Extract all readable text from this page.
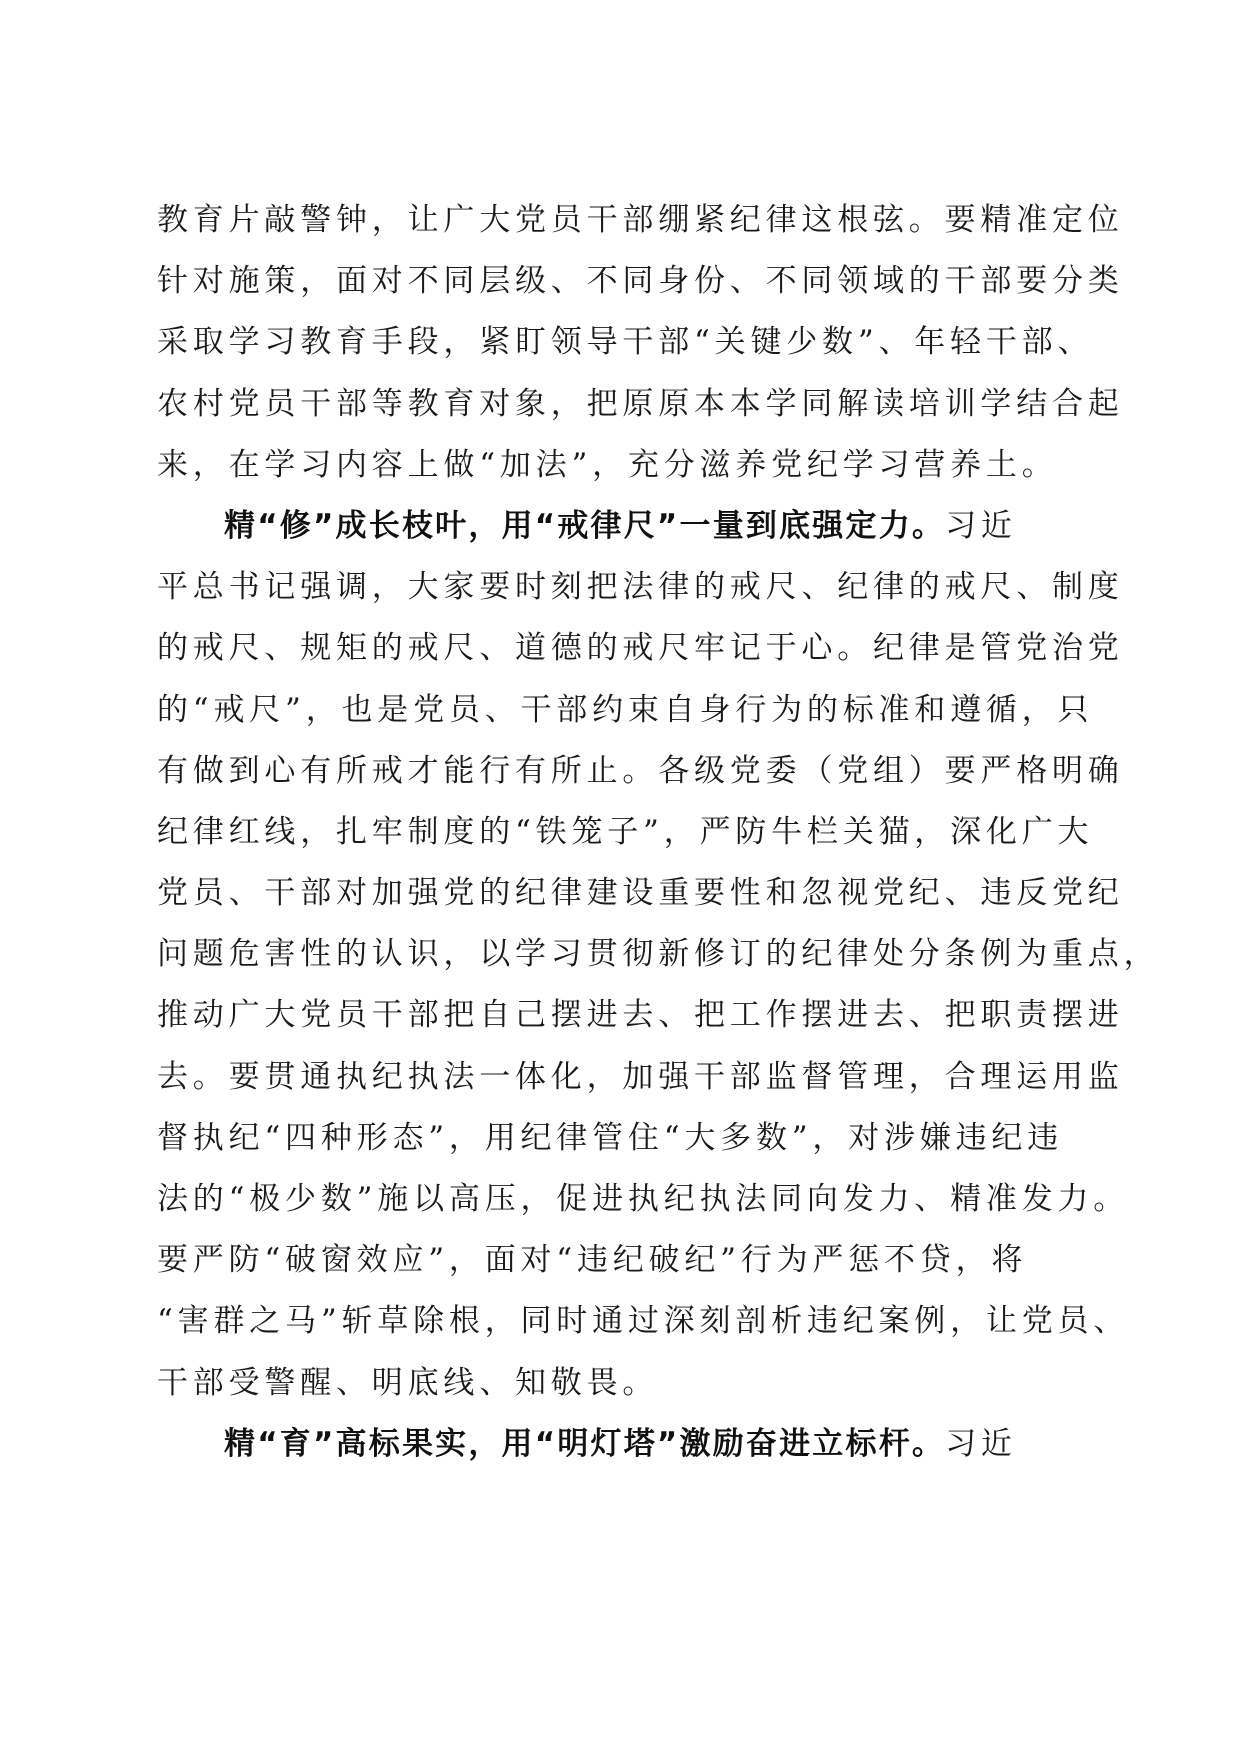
教育片敲警钟，让广大党员干部绷紧纪律这根弦。要精准定位
针对施策，面对不同层级、不同身份、不同领域的干部要分类
采取学习教育手段，紧盯领导干部“关键少数”、年轻干部、
农村党员干部等教育对象，把原原本本学同解读培训学结合起
来，在学习内容上做“加法”，充分滋养党纪学习营养土。
精“修”成长枝叶，用“戒律尺”一量到底强定力。习近
平总书记强调，大家要时刻把法律的戒尺、纪律的戒尺、制度
的戒尺、规矩的戒尺、道德的戒尺牢记于心。纪律是管党治党
的“戒尺”，也是党员、干部约束自身行为的标准和遵循，只
有做到心有所戒才能行有所止。各级党委（党组）要严格明确
纪律红线，扎牢制度的“铁笼子”，严防牛栏关猫，深化广大
党员、干部对加强党的纪律建设重要性和忽视党纪、违反党纪
问题危害性的认识，以学习贯彻新修订的纪律处分条例为重点，
推动广大党员干部把自己摆进去、把工作摆进去、把职责摆进
去。要贯通执纪执法一体化，加强干部监督管理，合理运用监
督执纪“四种形态”，用纪律管住“大多数”，对涉嫌违纪违
法的“极少数”施以高压，促进执纪执法同向发力、精准发力。
要严防“破窗效应”，面对“违纪破纪”行为严惩不贷，将
“害群之马”斩草除根，同时通过深刻剖析违纪案例，让党员、
干部受警醒、明底线、知敬畏。
精“育”高标果实，用“明灯塔”激励奋进立标杆。习近
